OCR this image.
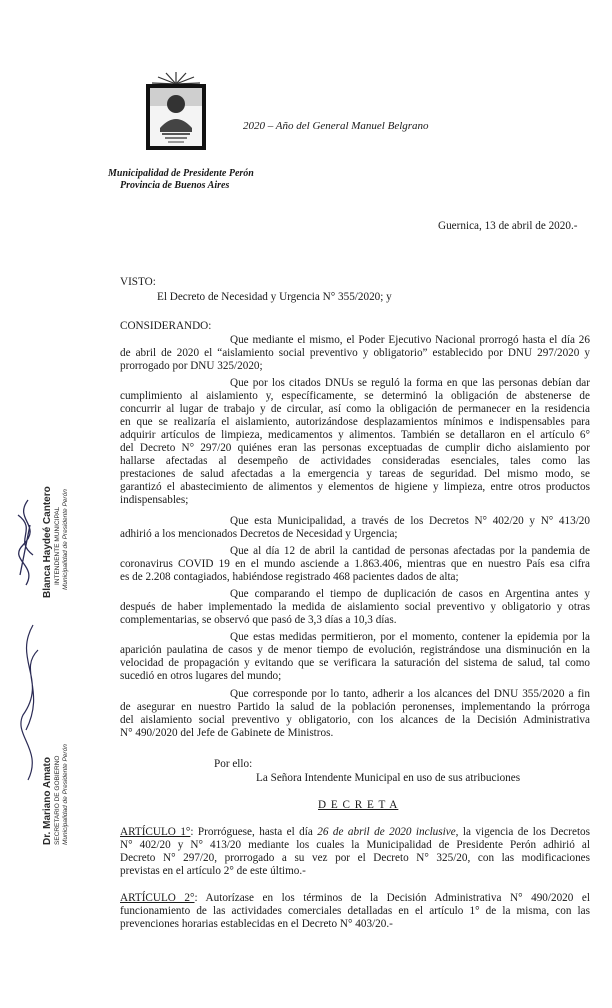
2020 – Año del General Manuel Belgrano
Municipalidad de Presidente Perón
Provincia de Buenos Aires
Guernica, 13 de abril de 2020.-
VISTO:
El Decreto de Necesidad y Urgencia N° 355/2020; y
CONSIDERANDO:
Que mediante el mismo, el Poder Ejecutivo Nacional prorrogó hasta el día 26
de abril de 2020 el “aislamiento social preventivo y obligatorio” establecido por DNU 297/2020 y
prorrogado por DNU 325/2020;
Que por los citados DNUs se reguló la forma en que las personas debían dar
cumplimiento al aislamiento y, específicamente, se determinó la obligación de abstenerse de
concurrir al lugar de trabajo y de circular, así como la obligación de permanecer en la residencia
en que se realizaría el aislamiento, autorizándose desplazamientos mínimos e indispensables para
adquirir artículos de limpieza, medicamentos y alimentos. También se detallaron en el artículo 6°
del Decreto N° 297/20 quiénes eran las personas exceptuadas de cumplir dicho aislamiento por
hallarse afectadas al desempeño de actividades consideradas esenciales, tales como las
prestaciones de salud afectadas a la emergencia y tareas de seguridad. Del mismo modo, se
garantizó el abastecimiento de alimentos y elementos de higiene y limpieza, entre otros productos
indispensables;
Que esta Municipalidad, a través de los Decretos N° 402/20 y N° 413/20
adhirió a los mencionados Decretos de Necesidad y Urgencia;
Que al día 12 de abril la cantidad de personas afectadas por la pandemia de
coronavirus COVID 19 en el mundo asciende a 1.863.406, mientras que en nuestro País esa cifra
es de 2.208 contagiados, habiéndose registrado 468 pacientes dados de alta;
Que comparando el tiempo de duplicación de casos en Argentina antes y
después de haber implementado la medida de aislamiento social preventivo y obligatorio y otras
complementarias, se observó que pasó de 3,3 días a 10,3 días.
Que estas medidas permitieron, por el momento, contener la epidemia por la
aparición paulatina de casos y de menor tiempo de evolución, registrándose una disminución en la
velocidad de propagación y evitando que se verificara la saturación del sistema de salud, tal como
sucedió en otros lugares del mundo;
Que corresponde por lo tanto, adherir a los alcances del DNU 355/2020 a fin
de asegurar en nuestro Partido la salud de la población peronenses, implementando la prórroga
del aislamiento social preventivo y obligatorio, con los alcances de la Decisión Administrativa
N° 490/2020 del Jefe de Gabinete de Ministros.
Por ello:
La Señora Intendente Municipal en uso de sus atribuciones
D E C R E T A
ARTÍCULO 1°: Prorróguese, hasta el día 26 de abril de 2020 inclusive, la vigencia de los Decretos
N° 402/20 y N° 413/20 mediante los cuales la Municipalidad de Presidente Perón adhirió al
Decreto N° 297/20, prorrogado a su vez por el Decreto N° 325/20, con las modificaciones
previstas en el artículo 2° de este último.-
ARTÍCULO 2°: Autorízase en los términos de la Decisión Administrativa N° 490/2020 el
funcionamiento de las actividades comerciales detalladas en el artículo 1° de la misma, con las
prevenciones horarias establecidas en el Decreto N° 403/20.-
Blanca Haydeé Cantero INTENDENTE MUNICIPAL Municipalidad de Presidente Perón
Dr. Mariano Amato SECRETARIO DE GOBIERNO Municipalidad de Presidente Perón
